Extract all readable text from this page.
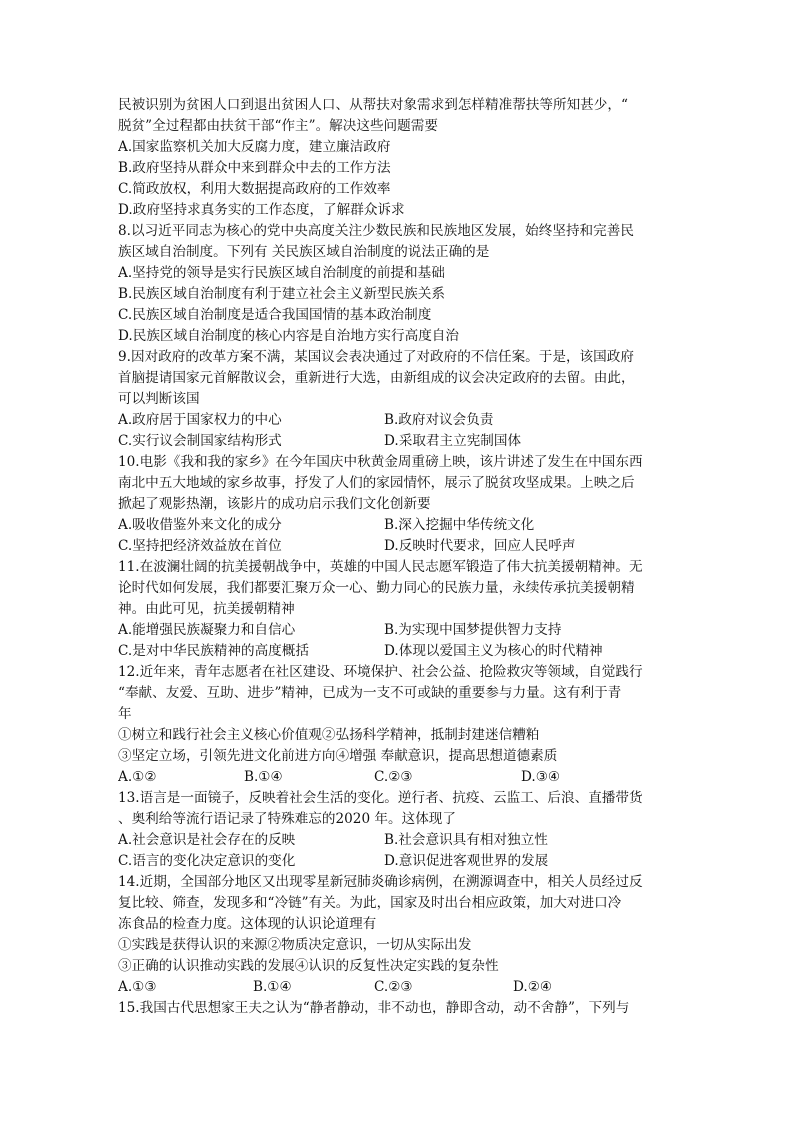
民被识别为贫困人口到退出贫困人口、从帮扶对象需求到怎样精准帮扶等所知甚少，“
脱贫”全过程都由扶贫干部“作主”。解决这些问题需要
A.国家监察机关加大反腐力度，建立廉洁政府
B.政府坚持从群众中来到群众中去的工作方法
C.简政放权，利用大数据提高政府的工作效率
D.政府坚持求真务实的工作态度，了解群众诉求
8.以习近平同志为核心的党中央高度关注少数民族和民族地区发展，始终坚持和完善民
族区域自治制度。下列有 关民族区域自治制度的说法正确的是
A.坚持党的领导是实行民族区域自治制度的前提和基础
B.民族区域自治制度有利于建立社会主义新型民族关系
C.民族区域自治制度是适合我国国情的基本政治制度
D.民族区域自治制度的核心内容是自治地方实行高度自治
9.因对政府的改革方案不满，某国议会表决通过了对政府的不信任案。于是，该国政府
首脑提请国家元首解散议会，重新进行大选，由新组成的议会决定政府的去留。由此，
可以判断该国
A.政府居于国家权力的中心	B.政府对议会负责
C.实行议会制国家结构形式	D.采取君主立宪制国体
10.电影《我和我的家乡》在今年国庆中秋黄金周重磅上映，该片讲述了发生在中国东西
南北中五大地域的家乡故事，抒发了人们的家园情怀，展示了脱贫攻坚成果。上映之后
掀起了观影热潮，该影片的成功启示我们文化创新要
A.吸收借鉴外来文化的成分	B.深入挖掘中华传统文化
C.坚持把经济效益放在首位	D.反映时代要求，回应人民呼声
11.在波澜壮阔的抗美援朝战争中，英雄的中国人民志愿军锻造了伟大抗美援朝精神。无
论时代如何发展，我们都要汇聚万众一心、勤力同心的民族力量，永续传承抗美援朝精
神。由此可见，抗美援朝精神
A.能增强民族凝聚力和自信心	B.为实现中国梦提供智力支持
C.是对中华民族精神的高度概括	D.体现以爱国主义为核心的时代精神
12.近年来，青年志愿者在社区建设、环境保护、社会公益、抢险救灾等领域，自觉践行
“奉献、友爱、互助、进步”精神，已成为一支不可或缺的重要参与力量。这有利于青
年
①树立和践行社会主义核心价值观②弘扬科学精神，抵制封建迷信糟粕
③坚定立场，引领先进文化前进方向④增强 奉献意识，提高思想道德素质
A.①②	B.①④	C.②③	D.③④
13.语言是一面镜子，反映着社会生活的变化。逆行者、抗疫、云监工、后浪、直播带货
、奥利给等流行语记录了特殊难忘的2020 年。这体现了
A.社会意识是社会存在的反映	B.社会意识具有相对独立性
C.语言的变化决定意识的变化	D.意识促进客观世界的发展
14.近期，全国部分地区又出现零星新冠肺炎确诊病例，在溯源调查中，相关人员经过反
复比较、筛查，发现多和“冷链”有关。为此，国家及时出台相应政策，加大对进口冷
冻食品的检查力度。这体现的认识论道理有
①实践是获得认识的来源②物质决定意识，一切从实际出发
③正确的认识推动实践的发展④认识的反复性决定实践的复杂性
A.①③	B.①④	C.②③	D.②④
15.我国古代思想家王夫之认为“静者静动，非不动也，静即含动，动不舍静”，下列与
